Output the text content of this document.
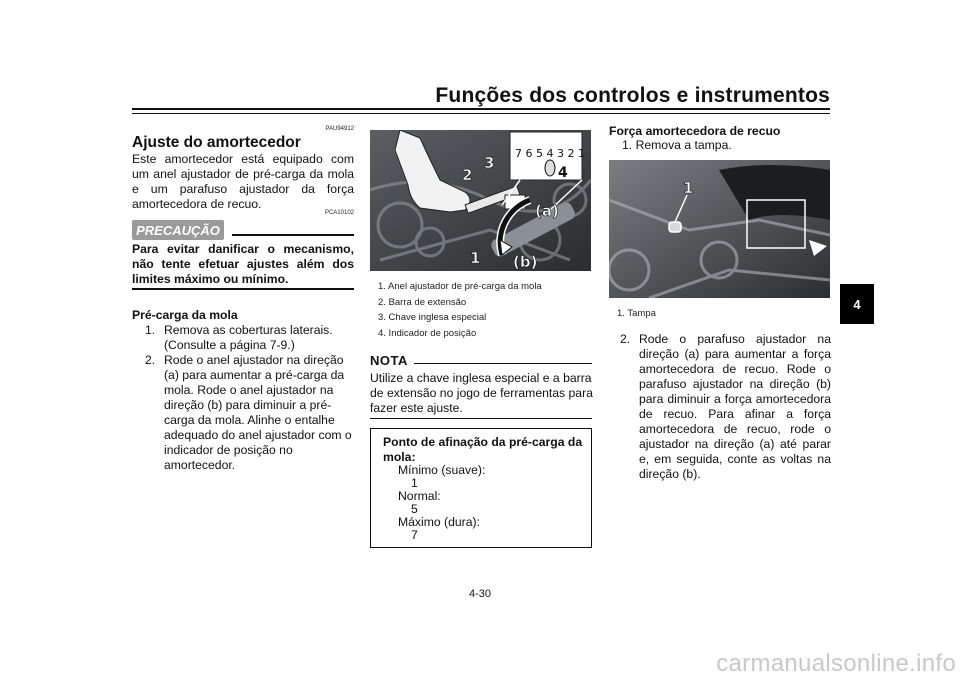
Funções dos controlos e instrumentos
4
PAU94912
Ajuste do amortecedor
Este amortecedor está equipado com um anel ajustador de pré-carga da mola e um parafuso ajustador da força amortecedora de recuo.
PCA10102
PRECAUÇÃO
Para evitar danificar o mecanismo, não tente efetuar ajustes além dos limites máximo ou mínimo.
Pré-carga da mola
1. Remova as coberturas laterais. (Consulte a página 7-9.)
2. Rode o anel ajustador na direção (a) para aumentar a pré-carga da mola. Rode o anel ajustador na direção (b) para diminuir a pré-carga da mola. Alinhe o entalhe adequado do anel ajustador com o indicador de posição no amortecedor.
7 6 5 4 3 2 1
4
2
3
1
(a)
(b)
1. Anel ajustador de pré-carga da mola
2. Barra de extensão
3. Chave inglesa especial
4. Indicador de posição
NOTA
Utilize a chave inglesa especial e a barra de extensão no jogo de ferramentas para fazer este ajuste.
Ponto de afinação da pré-carga da mola:
Mínimo (suave):
1
Normal:
5
Máximo (dura):
7
Força amortecedora de recuo
1. Remova a tampa.
1
1. Tampa
2. Rode o parafuso ajustador na direção (a) para aumentar a força amortecedora de recuo. Rode o parafuso ajustador na direção (b) para diminuir a força amortecedora de recuo. Para afinar a força amortecedora de recuo, rode o ajustador na direção (a) até parar e, em seguida, conte as voltas na direção (b).
4-30
carmanualsonline.info
